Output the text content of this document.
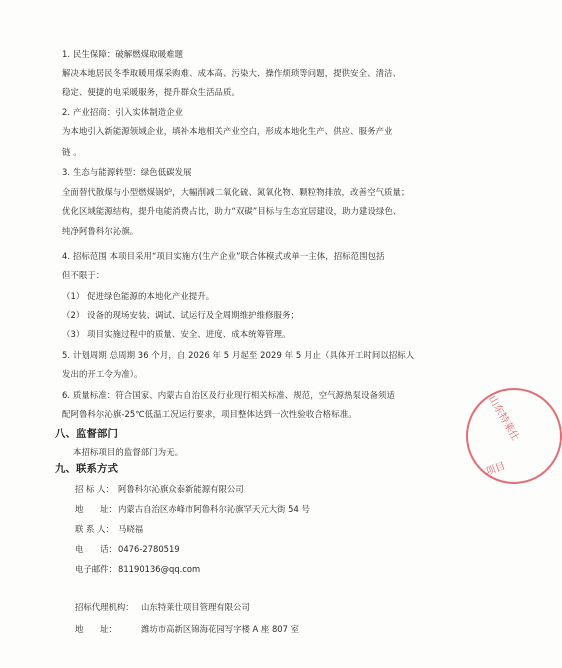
1. 民生保障：破解燃煤取暖难题
解决本地居民冬季取暖用煤采购难、成本高、污染大、操作烦琐等问题，提供安全、清洁、
稳定、便捷的电采暖服务，提升群众生活品质。
2. 产业招商：引入实体制造企业
为本地引入新能源领域企业，填补本地相关产业空白，形成本地化生产、供应、服务产业
链 。
3. 生态与能源转型：绿色低碳发展
全面替代散煤与小型燃煤锅炉，大幅削减二氧化硫、氮氧化物、颗粒物排放，改善空气质量；
优化区域能源结构，提升电能消费占比，助力“双碳”目标与生态宜居建设，助力建设绿色、
纯净阿鲁科尔沁旗。
4. 招标范围 本项目采用“项目实施方(生产企业”联合体模式或单一主体，招标范围包括
但不限于：
（1） 促进绿色能源的本地化产业提升。
（2） 设备的现场安装、调试、试运行及全周期维护维修服务；
（3） 项目实施过程中的质量、安全、进度、成本统筹管理。
5. 计划周期 总周期 36 个月，自 2026 年 5 月起至 2029 年 5 月止（具体开工时间以招标人
发出的开工令为准）。
6. 质量标准：符合国家、内蒙古自治区及行业现行相关标准、规范，空气源热泵设备须适
配阿鲁科尔沁旗-25℃低温工况运行要求，项目整体达到一次性验收合格标准。
八、监督部门
本招标项目的监督部门为无。
九、联系方式
招 标 人： 阿鲁科尔沁旗众泰新能源有限公司
地　　址： 内蒙古自治区赤峰市阿鲁科尔沁旗罕天元大街 54 号
联 系 人： 马晓福
电　　话： 0476-2780519
电子邮件： 81190136@qq.com
招标代理机构： 山东特莱仕项目管理有限公司
地　　址：	潍坊市高新区锦海花园写字楼 A 座 807 室
山东特莱仕
项目
